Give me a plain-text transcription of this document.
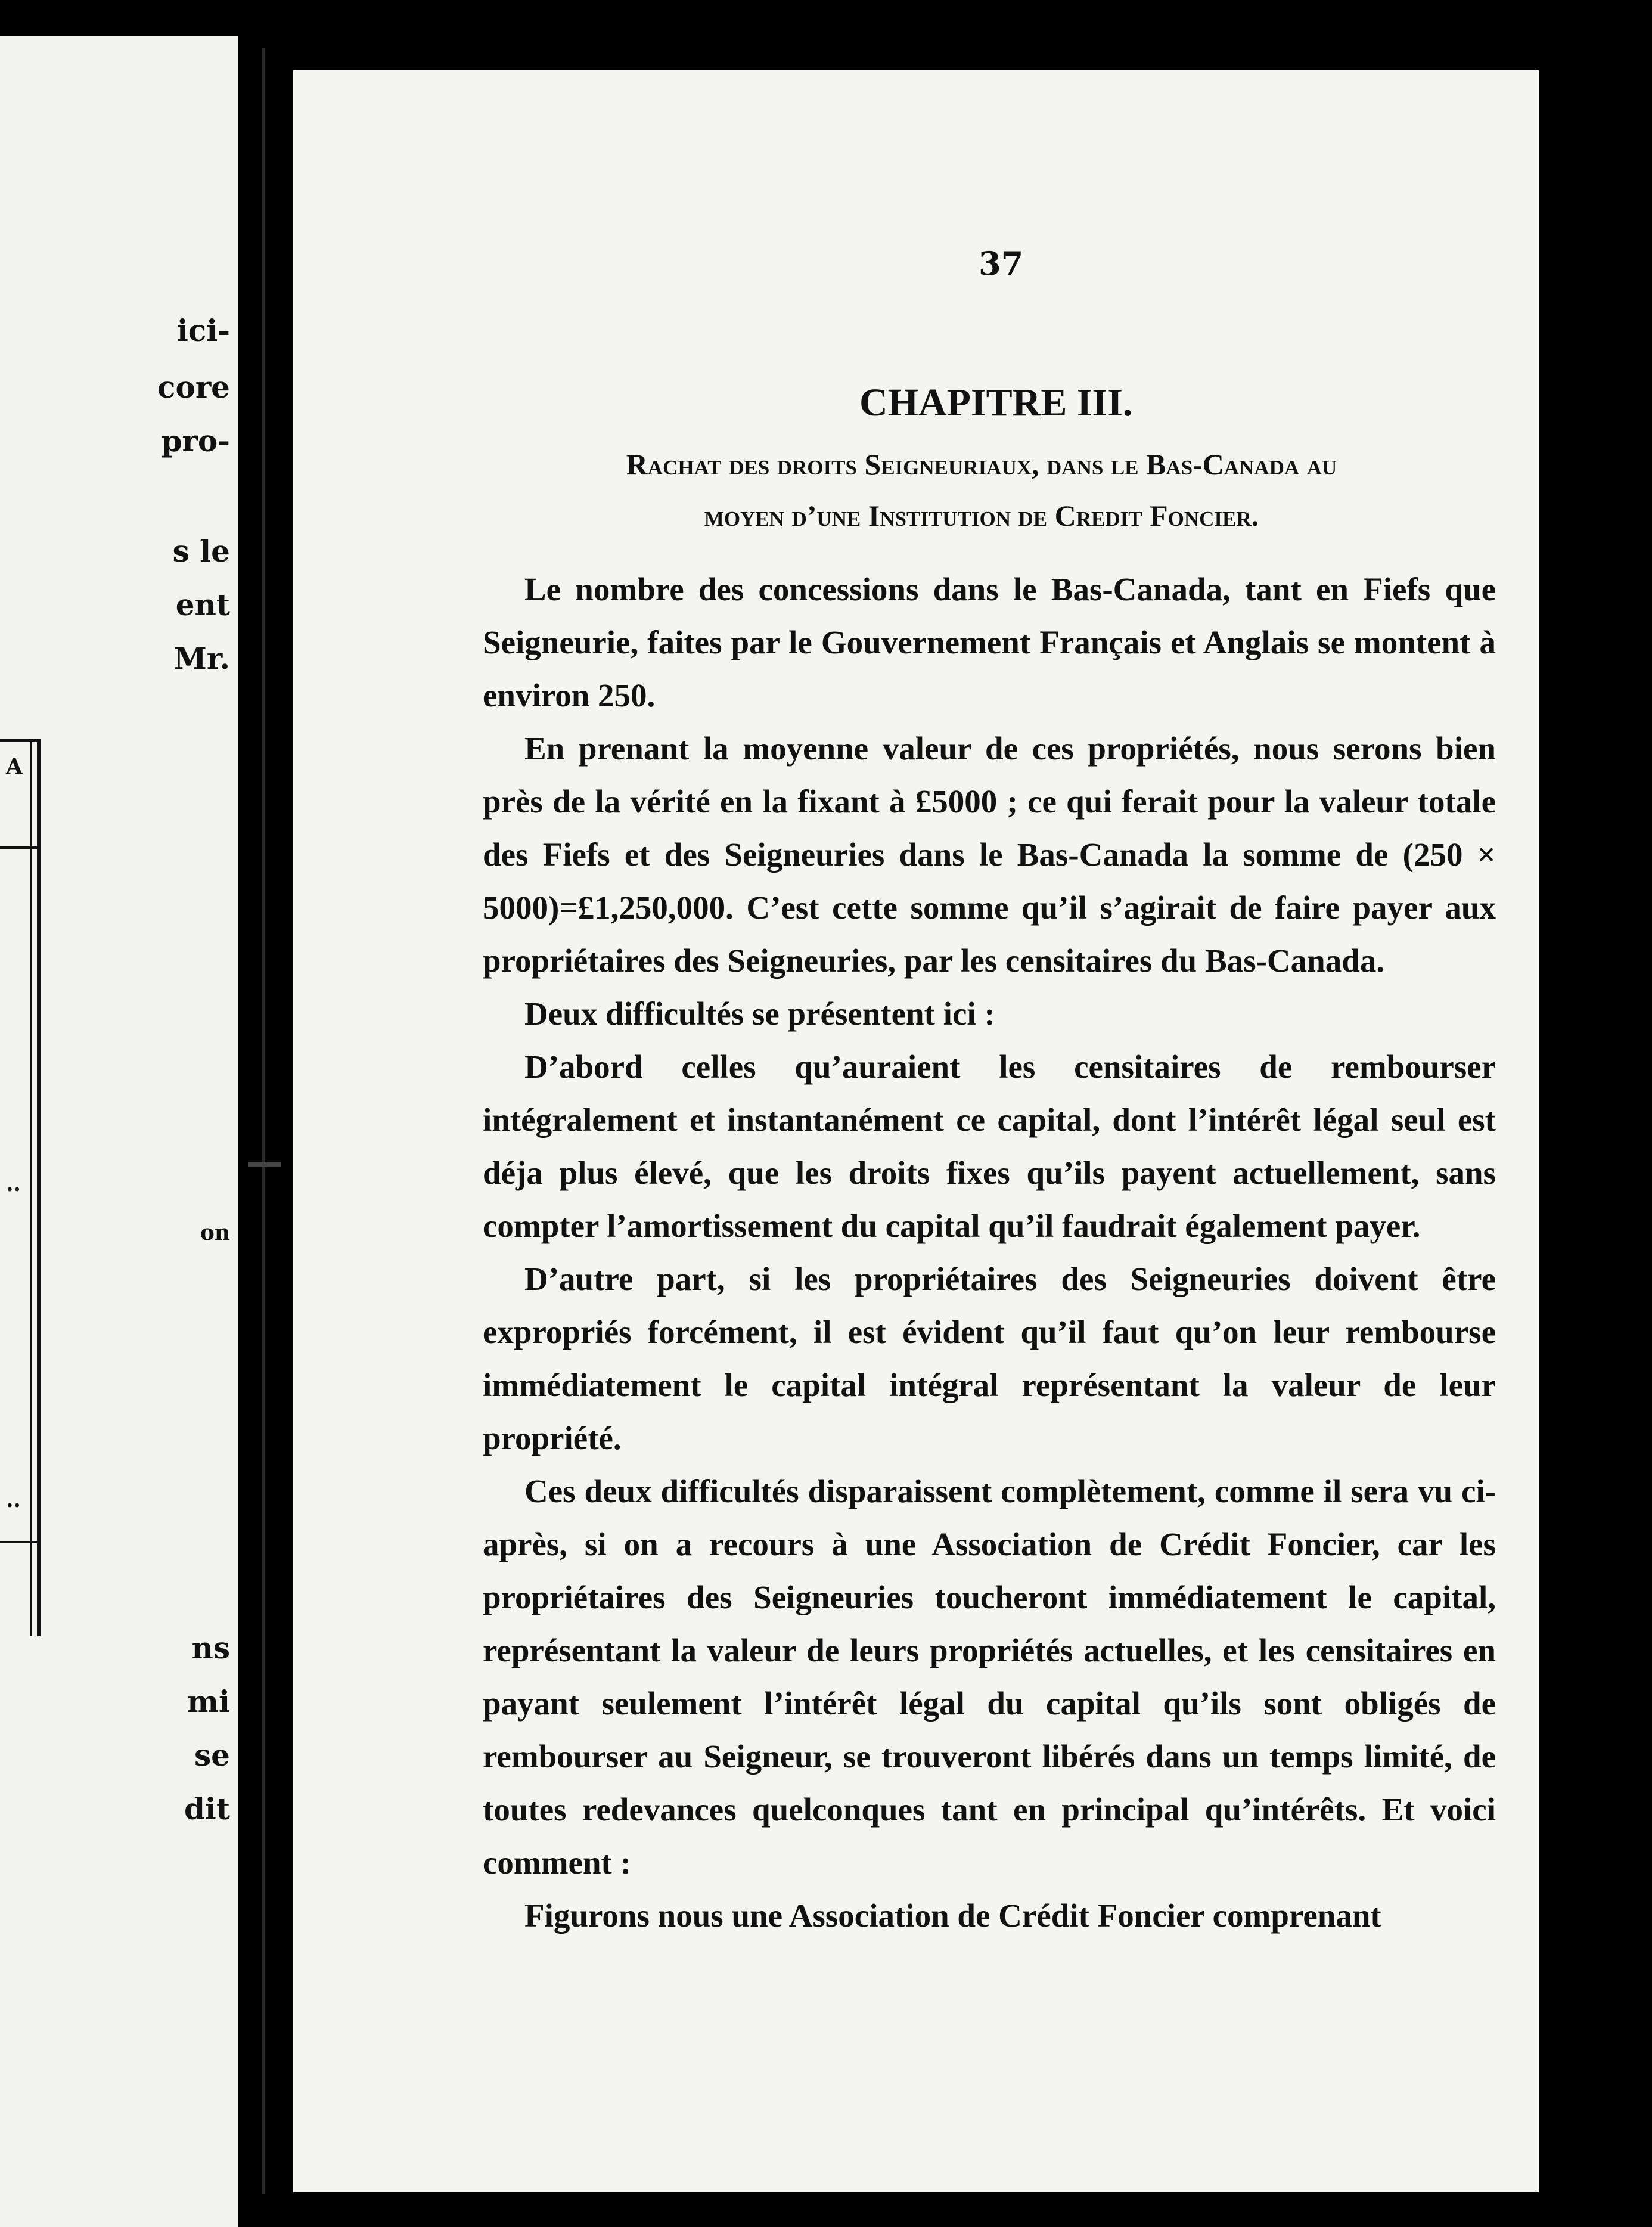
ici-
core
pro-
s le
ent
Mr.
on
ns
mi
se
dit
A
..
..
37
CHAPITRE III.
Rachat des droits Seigneuriaux, dans le Bas-Canada au
moyen d’une Institution de Credit Foncier.

Le nombre des concessions dans le Bas-Canada, tant en Fiefs que Seigneurie, faites par le Gouvernement Français et Anglais se montent à environ 250.

En prenant la moyenne valeur de ces propriétés, nous serons bien près de la vérité en la fixant à £5000 ; ce qui ferait pour la valeur totale des Fiefs et des Seigneuries dans le Bas-Canada la somme de (250 × 5000)=£1,250,000. C’est cette somme qu’il s’agirait de faire payer aux propriétaires des Seigneuries, par les censitaires du Bas-Canada.

Deux difficultés se présentent ici :

D’abord celles qu’auraient les censitaires de rembourser intégralement et instantanément ce capital, dont l’intérêt légal seul est déja plus élevé, que les droits fixes qu’ils payent actuellement, sans compter l’amortissement du capital qu’il faudrait également payer.

D’autre part, si les propriétaires des Seigneuries doivent être expropriés forcément, il est évident qu’il faut qu’on leur rembourse immédiatement le capital intégral représentant la valeur de leur propriété.

Ces deux difficultés disparaissent complètement, comme il sera vu ci-après, si on a recours à une Association de Crédit Foncier, car les propriétaires des Seigneuries toucheront immédiatement le capital, représentant la valeur de leurs propriétés actuelles, et les censitaires en payant seulement l’intérêt légal du capital qu’ils sont obligés de rembourser au Seigneur, se trouveront libérés dans un temps limité, de toutes redevances quelconques tant en principal qu’intérêts. Et voici comment :

Figurons nous une Association de Crédit Foncier comprenant
